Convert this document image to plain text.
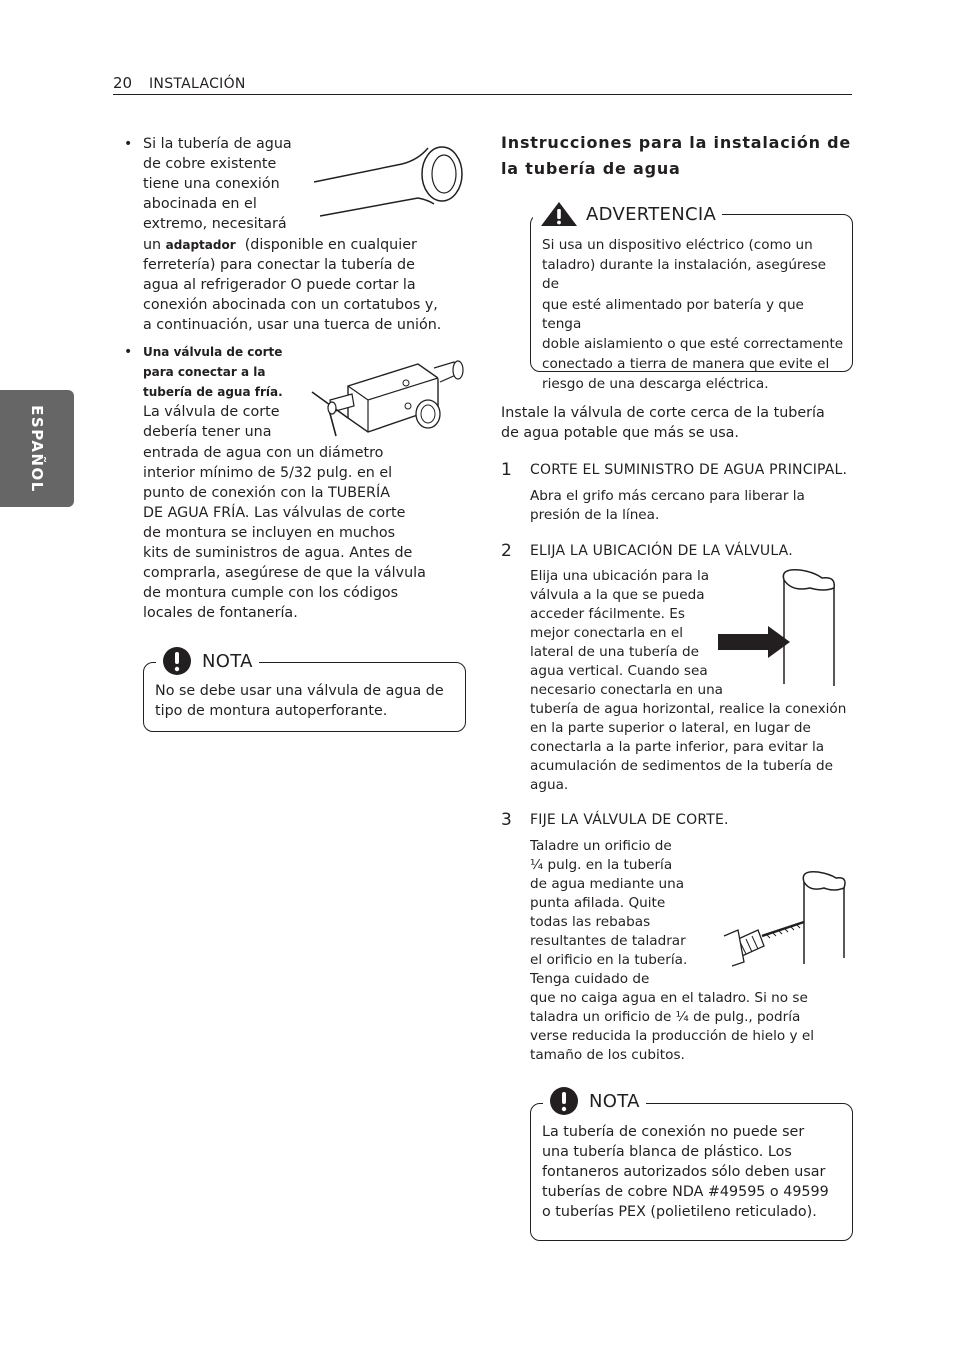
20 INSTALACIÓN
ESPAÑOL
• Si la tubería de agua
de cobre existente
tiene una conexión
abocinada en el
extremo, necesitará
un adaptador (disponible en cualquier
ferretería) para conectar la tubería de
agua al refrigerador O puede cortar la
conexión abocinada con un cortatubos y,
a continuación, usar una tuerca de unión.
• Una válvula de corte
para conectar a la
tubería de agua fría.
La válvula de corte
debería tener una
entrada de agua con un diámetro
interior mínimo de 5/32 pulg. en el
punto de conexión con la TUBERÍA
DE AGUA FRÍA. Las válvulas de corte
de montura se incluyen en muchos
kits de suministros de agua. Antes de
comprarla, asegúrese de que la válvula
de montura cumple con los códigos
locales de fontanería.
NOTA
No se debe usar una válvula de agua de
tipo de montura autoperforante.
Instrucciones para la instalación de
la tubería de agua
ADVERTENCIA
Si usa un dispositivo eléctrico (como un
taladro) durante la instalación, asegúrese de
que esté alimentado por batería y que tenga
doble aislamiento o que esté correctamente
conectado a tierra de manera que evite el
riesgo de una descarga eléctrica.
Instale la válvula de corte cerca de la tubería
de agua potable que más se usa.
1 CORTE EL SUMINISTRO DE AGUA PRINCIPAL.
Abra el grifo más cercano para liberar la
presión de la línea.
2 ELIJA LA UBICACIÓN DE LA VÁLVULA.
Elija una ubicación para la
válvula a la que se pueda
acceder fácilmente. Es
mejor conectarla en el
lateral de una tubería de
agua vertical. Cuando sea
necesario conectarla en una
tubería de agua horizontal, realice la conexión
en la parte superior o lateral, en lugar de
conectarla a la parte inferior, para evitar la
acumulación de sedimentos de la tubería de
agua.
3 FIJE LA VÁLVULA DE CORTE.
Taladre un orificio de
¼ pulg. en la tubería
de agua mediante una
punta afilada. Quite
todas las rebabas
resultantes de taladrar
el orificio en la tubería.
Tenga cuidado de
que no caiga agua en el taladro. Si no se
taladra un orificio de ¼ de pulg., podría
verse reducida la producción de hielo y el
tamaño de los cubitos.
NOTA
La tubería de conexión no puede ser
una tubería blanca de plástico. Los
fontaneros autorizados sólo deben usar
tuberías de cobre NDA #49595 o 49599
o tuberías PEX (polietileno reticulado).
